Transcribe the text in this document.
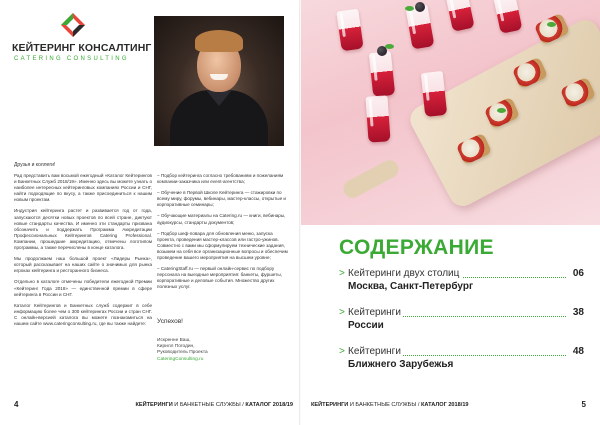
КЕЙТЕРИНГ КОНСАЛТИНГ
CATERING CONSULTING
Друзья и коллеги!

Рад представить вам восьмой ежегодный «Каталог Кейтерингов и Банкетных Служб 2018/19». Именно здесь вы можете узнать о наиболее интересных кейтеринговых компаниях России и СНГ, найти подходящие по вкусу, а также присоединиться к нашим новым проектам.

Индустрия кейтеринга растет и развивается год от года, запускаются десятки новых проектов по всей стране, диктуют новые стандарты качества. И именно эти стандарты призвана обозначить и поддержать Программа Аккредитации Профессиональных Кейтерингов Catering Professional. Компании, прошедшие аккредитацию, отмечены логотипом программы, а также перечислены в конце каталога.

Мы продолжаем наш большой проект «Лидеры Рынка», который рассказывает на наших сайте о значимых для рынка игроках кейтеринга и ресторанного бизнеса.

Отдельно в каталоге отмечены победители ежегодной Премии «Кейтеринг Года 2018» — единственной премии в сфере кейтеринга в России и СНГ.

Каталог Кейтерингов и Банкетных служб содержит в себе информацию более чем о 300 кейтерингах России и стран СНГ. С онлайн-версией каталога вы можете познакомиться на нашем сайте www.cateringconsulting.ru, где вы также найдете:

– Подбор кейтеринга согласно требованиям и пожеланиям компании-заказчика или event-агентства;

– Обучение в Первой Школе Кейтеринга — стажировки по всему миру, форумы, вебинары, мастер-классы, открытые и корпоративные семинары;

– Обучающие материалы на Catering.ru — книги, вебинары, аудиокурсы, стандарты документов;

– Подбор шеф-повара для обновления меню, запуска проекта, проведения мастер-классов или гастро-ужинов. Совместно с вами мы сформулируем технические задания, возьмем на себя все организационные вопросы и обеспечим проведение вашего мероприятия на высшем уровне;

– CateringStaff.ru — первый онлайн-сервис по подбору персонала на выездные мероприятия: банкеты, фуршеты, корпоративные и деловые события. Множество других полезных услуг.

Успехов!
Искренне Ваш,
Кирилл Погодин,
Руководитель Проекта
CateringConsulting.ru
4	КЕЙТЕРИНГИ И БАНКЕТНЫЕ СЛУЖБЫ / КАТАЛОГ 2018/19
СОДЕРЖАНИЕ
> Кейтеринги двух столиц	06
Москва, Санкт-Петербург
> Кейтеринги	38
России
> Кейтеринги	48
Ближнего Зарубежья
КЕЙТЕРИНГИ И БАНКЕТНЫЕ СЛУЖБЫ / КАТАЛОГ 2018/19	5
